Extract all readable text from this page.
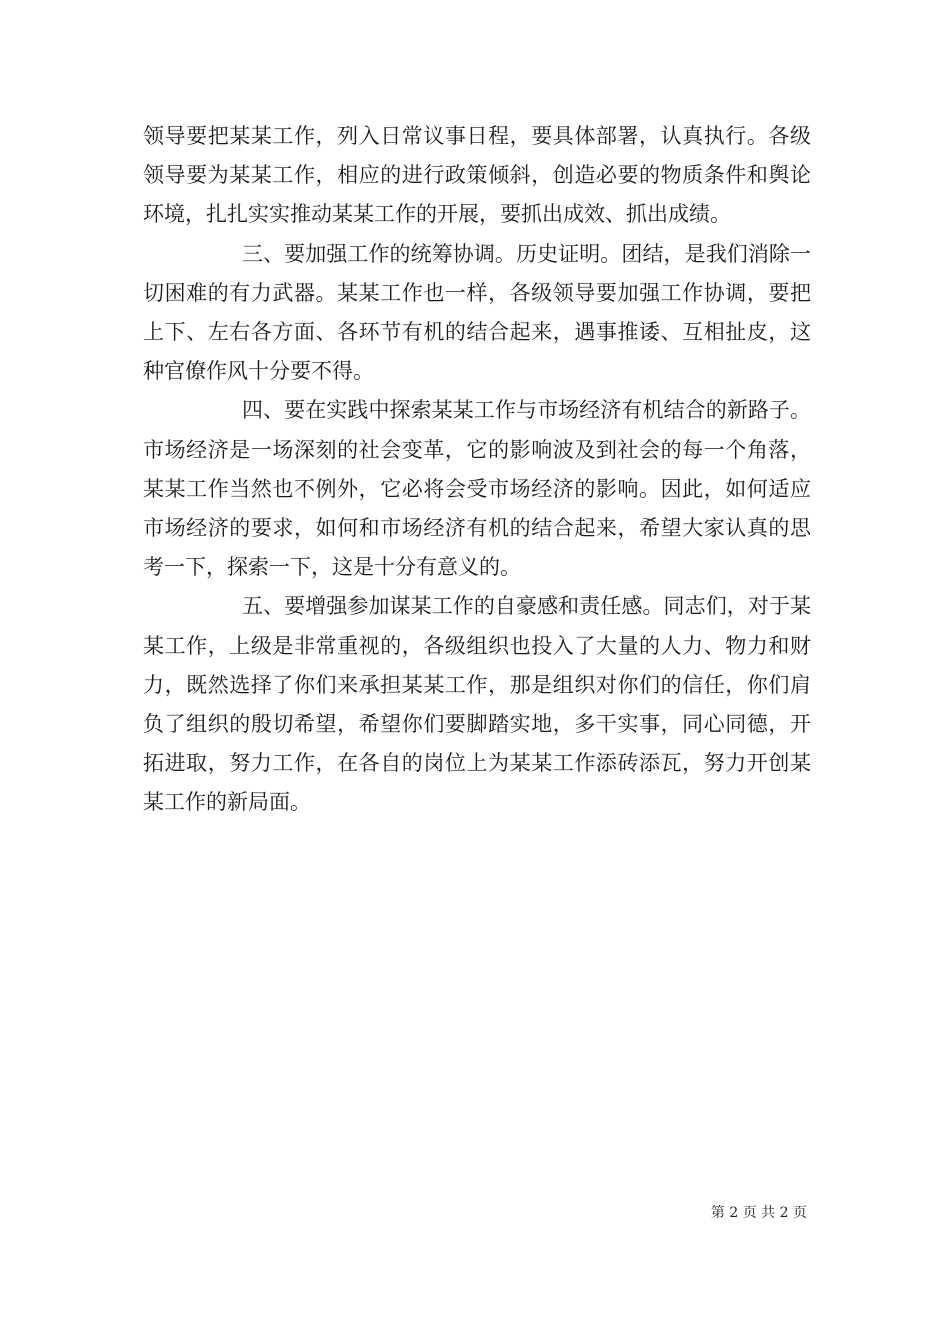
领导要把某某工作，列入日常议事日程，要具体部署，认真执行。各级领导要为某某工作，相应的进行政策倾斜，创造必要的物质条件和舆论环境，扎扎实实推动某某工作的开展，要抓出成效、抓出成绩。

三、要加强工作的统筹协调。历史证明。团结，是我们消除一切困难的有力武器。某某工作也一样，各级领导要加强工作协调，要把上下、左右各方面、各环节有机的结合起来，遇事推诿、互相扯皮，这种官僚作风十分要不得。

四、要在实践中探索某某工作与市场经济有机结合的新路子。市场经济是一场深刻的社会变革，它的影响波及到社会的每一个角落，某某工作当然也不例外，它必将会受市场经济的影响。因此，如何适应市场经济的要求，如何和市场经济有机的结合起来，希望大家认真的思考一下，探索一下，这是十分有意义的。

五、要增强参加谋某工作的自豪感和责任感。同志们，对于某某工作，上级是非常重视的，各级组织也投入了大量的人力、物力和财力，既然选择了你们来承担某某工作，那是组织对你们的信任，你们肩负了组织的殷切希望，希望你们要脚踏实地，多干实事，同心同德，开拓进取，努力工作，在各自的岗位上为某某工作添砖添瓦，努力开创某某工作的新局面。

第 2 页 共 2 页
